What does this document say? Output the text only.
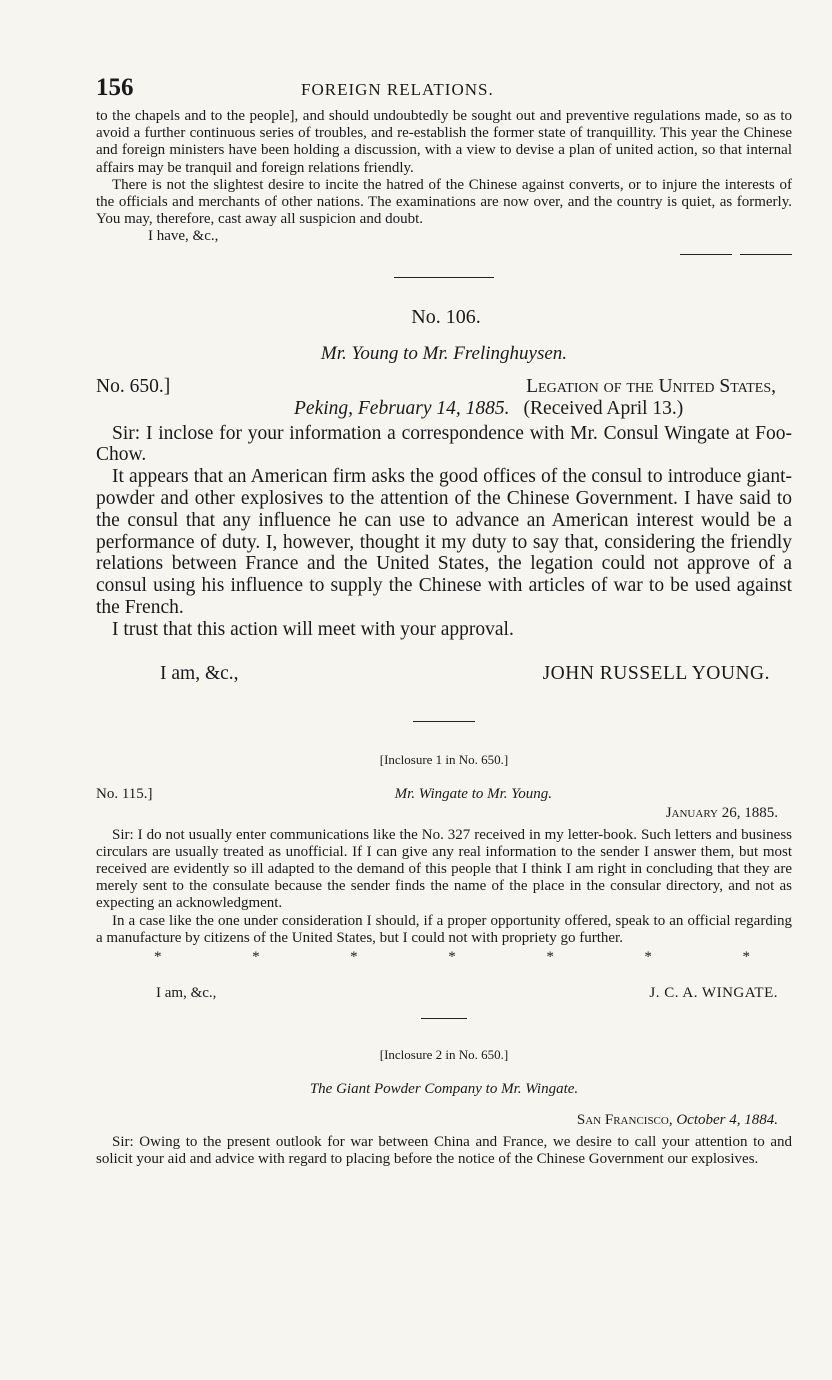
156	FOREIGN RELATIONS.

to the chapels and to the people], and should undoubtedly be sought out and preventive regulations made, so as to avoid a further continuous series of troubles, and re-establish the former state of tranquillity. This year the Chinese and foreign ministers have been holding a discussion, with a view to devise a plan of united action, so that internal affairs may be tranquil and foreign relations friendly.

There is not the slightest desire to incite the hatred of the Chinese against converts, or to injure the interests of the officials and merchants of other nations. The examinations are now over, and the country is quiet, as formerly. You may, therefore, cast away all suspicion and doubt.

I have, &c.,

No. 106.
Mr. Young to Mr. Frelinghuysen.
No. 650.]	Legation of the United States,
Peking, February 14, 1885. (Received April 13.)

Sir: I inclose for your information a correspondence with Mr. Consul Wingate at Foo-Chow.

It appears that an American firm asks the good offices of the consul to introduce giant-powder and other explosives to the attention of the Chinese Government. I have said to the consul that any influence he can use to advance an American interest would be a performance of duty. I, however, thought it my duty to say that, considering the friendly relations between France and the United States, the legation could not approve of a consul using his influence to supply the Chinese with articles of war to be used against the French.

I trust that this action will meet with your approval.

I am, &c.,	JOHN RUSSELL YOUNG.
[Inclosure 1 in No. 650.]
No. 115.]	Mr. Wingate to Mr. Young.
January 26, 1885.

Sir: I do not usually enter communications like the No. 327 received in my letter-book. Such letters and business circulars are usually treated as unofficial. If I can give any real information to the sender I answer them, but most received are evidently so ill adapted to the demand of this people that I think I am right in concluding that they are merely sent to the consulate because the sender finds the name of the place in the consular directory, and not as expecting an acknowledgment.

In a case like the one under consideration I should, if a proper opportunity offered, speak to an official regarding a manufacture by citizens of the United States, but I could not with propriety go further.

*	*	*	*	*	*	*
I am, &c.,	J. C. A. WINGATE.
[Inclosure 2 in No. 650.]
The Giant Powder Company to Mr. Wingate.
San Francisco, October 4, 1884.

Sir: Owing to the present outlook for war between China and France, we desire to call your attention to and solicit your aid and advice with regard to placing before the notice of the Chinese Government our explosives.
